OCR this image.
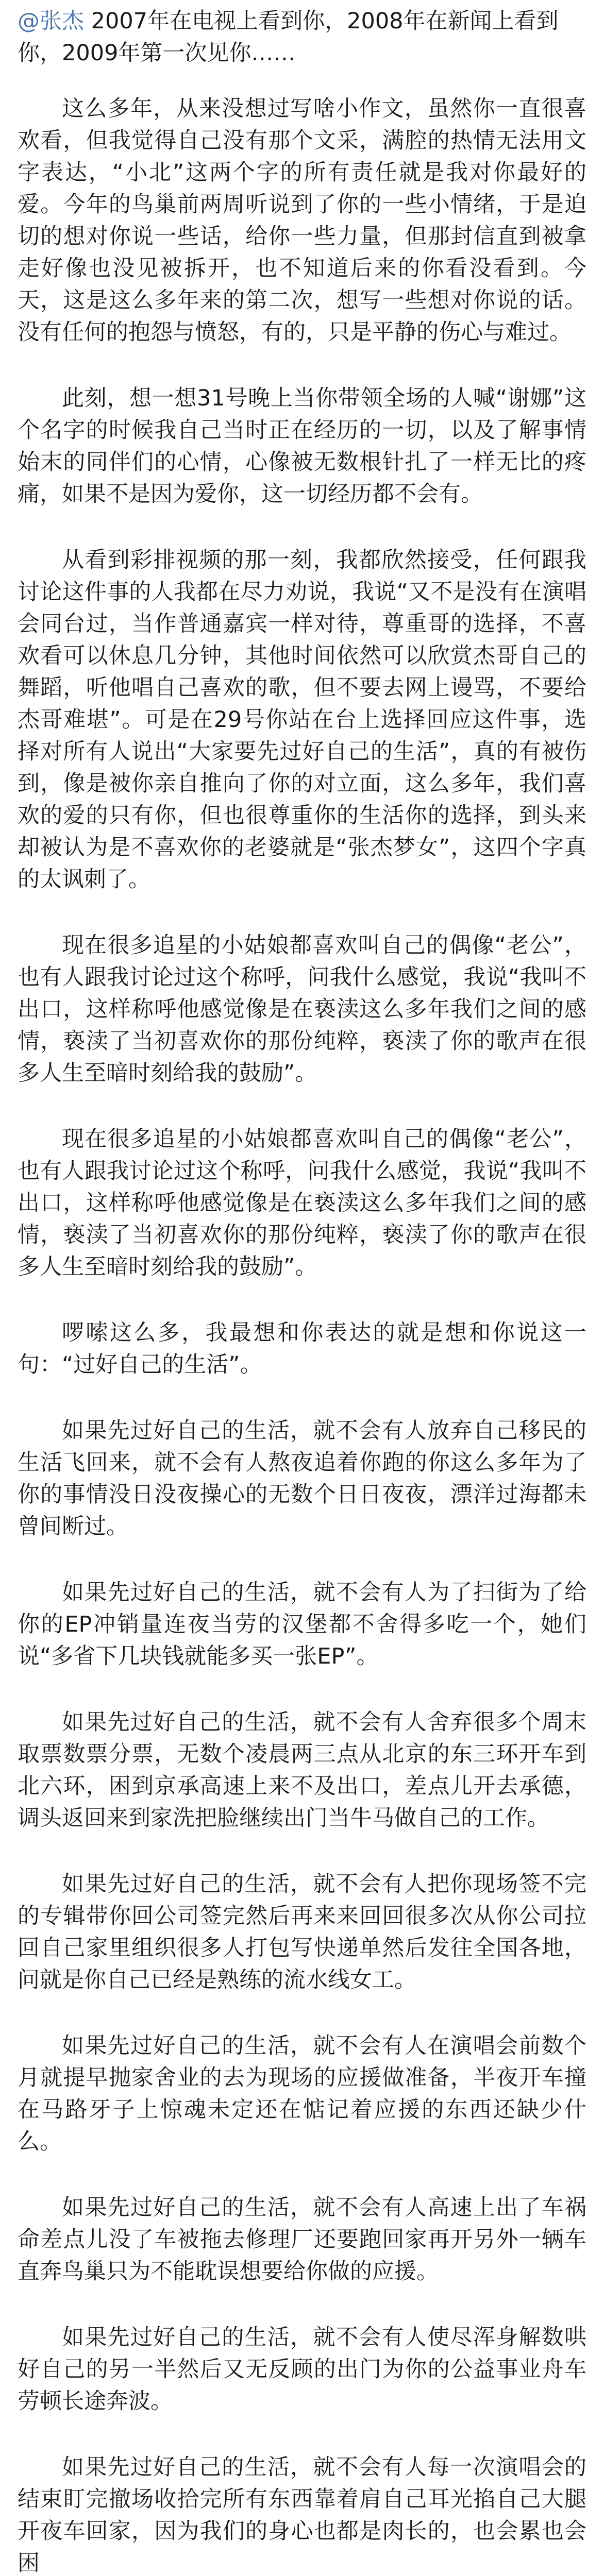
@张杰 2007年在电视上看到你，2008年在新闻上看到你，2009年第一次见你……

这么多年，从来没想过写啥小作文，虽然你一直很喜欢看，但我觉得自己没有那个文采，满腔的热情无法用文字表达，“小北”这两个字的所有责任就是我对你最好的爱。今年的鸟巢前两周听说到了你的一些小情绪，于是迫切的想对你说一些话，给你一些力量，但那封信直到被拿走好像也没见被拆开，也不知道后来的你看没看到。今天，这是这么多年来的第二次，想写一些想对你说的话。没有任何的抱怨与愤怒，有的，只是平静的伤心与难过。

此刻，想一想31号晚上当你带领全场的人喊“谢娜”这个名字的时候我自己当时正在经历的一切，以及了解事情始末的同伴们的心情，心像被无数根针扎了一样无比的疼痛，如果不是因为爱你，这一切经历都不会有。

从看到彩排视频的那一刻，我都欣然接受，任何跟我讨论这件事的人我都在尽力劝说，我说“又不是没有在演唱会同台过，当作普通嘉宾一样对待，尊重哥的选择，不喜欢看可以休息几分钟，其他时间依然可以欣赏杰哥自己的舞蹈，听他唱自己喜欢的歌，但不要去网上谩骂，不要给杰哥难堪”。可是在29号你站在台上选择回应这件事，选择对所有人说出“大家要先过好自己的生活”，真的有被伤到，像是被你亲自推向了你的对立面，这么多年，我们喜欢的爱的只有你，但也很尊重你的生活你的选择，到头来却被认为是不喜欢你的老婆就是“张杰梦女”，这四个字真的太讽刺了。

现在很多追星的小姑娘都喜欢叫自己的偶像“老公”，也有人跟我讨论过这个称呼，问我什么感觉，我说“我叫不出口，这样称呼他感觉像是在亵渎这么多年我们之间的感情，亵渎了当初喜欢你的那份纯粹，亵渎了你的歌声在很多人生至暗时刻给我的鼓励”。

现在很多追星的小姑娘都喜欢叫自己的偶像“老公”，也有人跟我讨论过这个称呼，问我什么感觉，我说“我叫不出口，这样称呼他感觉像是在亵渎这么多年我们之间的感情，亵渎了当初喜欢你的那份纯粹，亵渎了你的歌声在很多人生至暗时刻给我的鼓励”。

啰嗦这么多，我最想和你表达的就是想和你说这一句：“过好自己的生活”。

如果先过好自己的生活，就不会有人放弃自己移民的生活飞回来，就不会有人熬夜追着你跑的你这么多年为了你的事情没日没夜操心的无数个日日夜夜，漂洋过海都未曾间断过。

如果先过好自己的生活，就不会有人为了扫街为了给你的EP冲销量连夜当劳的汉堡都不舍得多吃一个，她们说“多省下几块钱就能多买一张EP”。

如果先过好自己的生活，就不会有人舍弃很多个周末取票数票分票，无数个凌晨两三点从北京的东三环开车到北六环，困到京承高速上来不及出口，差点儿开去承德，调头返回来到家洗把脸继续出门当牛马做自己的工作。

如果先过好自己的生活，就不会有人把你现场签不完的专辑带你回公司签完然后再来来回回很多次从你公司拉回自己家里组织很多人打包写快递单然后发往全国各地，问就是你自己已经是熟练的流水线女工。

如果先过好自己的生活，就不会有人在演唱会前数个月就提早抛家舍业的去为现场的应援做准备，半夜开车撞在马路牙子上惊魂未定还在惦记着应援的东西还缺少什么。

如果先过好自己的生活，就不会有人高速上出了车祸命差点儿没了车被拖去修理厂还要跑回家再开另外一辆车直奔鸟巢只为不能耽误想要给你做的应援。

如果先过好自己的生活，就不会有人使尽浑身解数哄好自己的另一半然后又无反顾的出门为你的公益事业舟车劳顿长途奔波。

如果先过好自己的生活，就不会有人每一次演唱会的结束盯完撤场收拾完所有东西靠着肩自己耳光掐自己大腿开夜车回家，因为我们的身心也都是肉长的，也会累也会困
